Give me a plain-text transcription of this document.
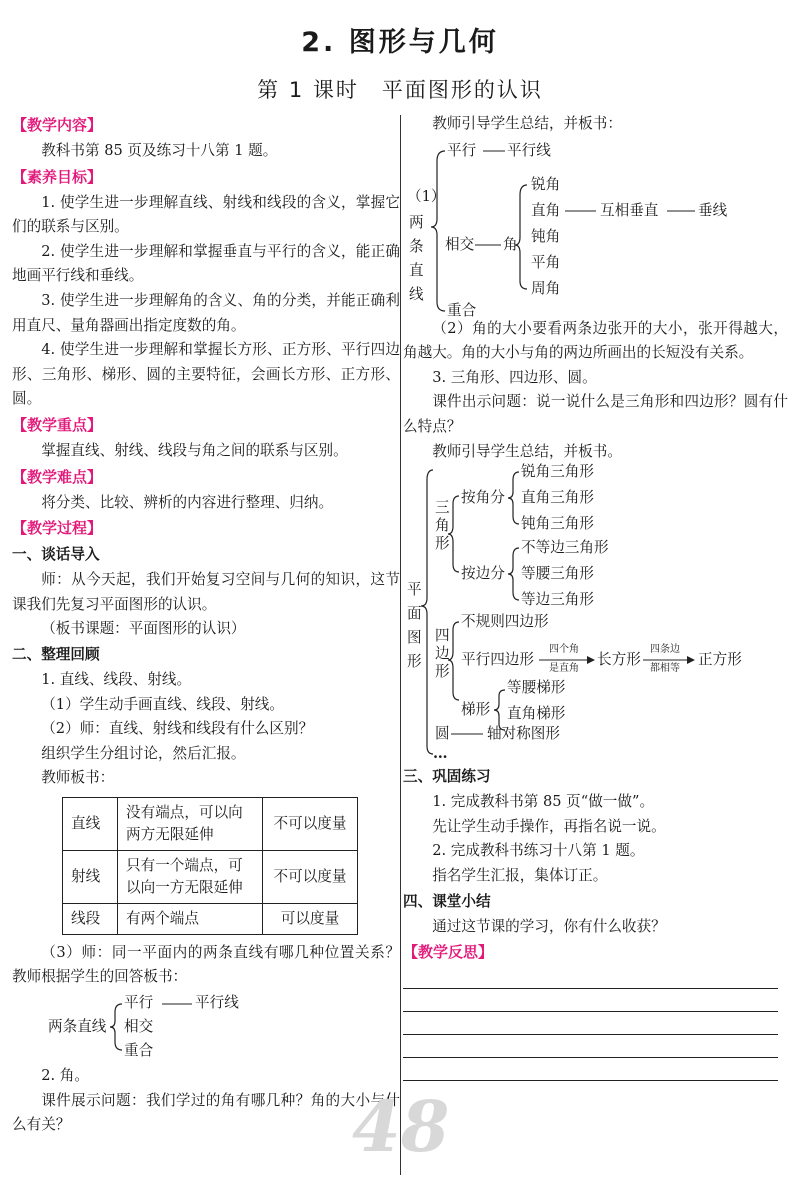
2. 图形与几何
第 1 课时　平面图形的认识
【教学内容】

教科书第 85 页及练习十八第 1 题。

【素养目标】

1. 使学生进一步理解直线、射线和线段的含义，掌握它们的联系与区别。

2. 使学生进一步理解和掌握垂直与平行的含义，能正确地画平行线和垂线。

3. 使学生进一步理解角的含义、角的分类，并能正确利用直尺、量角器画出指定度数的角。

4. 使学生进一步理解和掌握长方形、正方形、平行四边形、三角形、梯形、圆的主要特征，会画长方形、正方形、圆。

【教学重点】

掌握直线、射线、线段与角之间的联系与区别。

【教学难点】

将分类、比较、辨析的内容进行整理、归纳。

【教学过程】
一、谈话导入

师：从今天起，我们开始复习空间与几何的知识，这节课我们先复习平面图形的认识。

（板书课题：平面图形的认识）

二、整理回顾

1. 直线、线段、射线。

（1）学生动手画直线、线段、射线。

（2）师：直线、射线和线段有什么区别？

组织学生分组讨论，然后汇报。

教师板书：

直线	没有端点，可以向两方无限延伸	不可以度量
射线	只有一个端点，可以向一方无限延伸	不可以度量
线段	有两个端点	可以度量

（3）师：同一平面内的两条直线有哪几种位置关系？教师根据学生的回答板书：

两条直线
平行	平行线
相交
重合

2. 角。

课件展示问题：我们学过的角有哪几种？角的大小与什么有关？	48

教师引导学生总结，并板书：

（1）
两
条
直
线
平行 平行线
相交 角
锐角
直角
钝角
平角
周角
互相垂直	垂线
重合

（2）角的大小要看两条边张开的大小，张开得越大，角越大。角的大小与角的两边所画出的长短没有关系。

3. 三角形、四边形、圆。

课件出示问题：说一说什么是三角形和四边形？圆有什么特点？

教师引导学生总结，并板书。

平
面
图
形
三
角
形
按角分
锐角三角形
直角三角形
钝角三角形
按边分
不等边三角形
等腰三角形
等边三角形
四
边
形
不规则四边形
平行四边形
四个角
是直角
长方形
四条边
都相等
正方形
梯形
等腰梯形
直角梯形
圆	轴对称图形
…
三、巩固练习

1. 完成教科书第 85 页“做一做”。

先让学生动手操作，再指名说一说。

2. 完成教科书练习十八第 1 题。

指名学生汇报，集体订正。

四、课堂小结

通过这节课的学习，你有什么收获？

【教学反思】
